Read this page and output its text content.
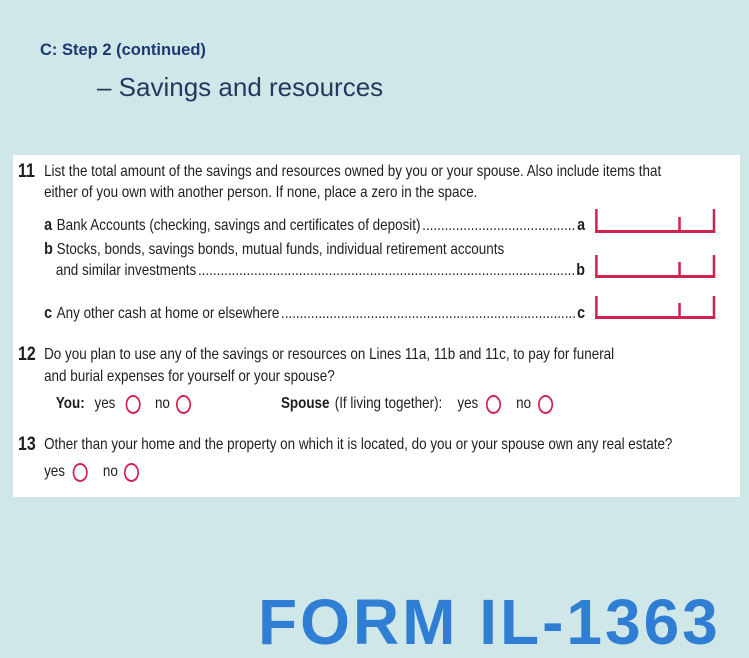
C: Step 2 (continued)
– Savings and resources
11 List the total amount of the savings and resources owned by you or your spouse. Also include items that
either of you own with another person. If none, place a zero in the space.
a Bank Accounts (checking, savings and certificates of deposit) .....	a
b Stocks, bonds, savings bonds, mutual funds, individual retirement accounts
and similar investments .....	b
c Any other cash at home or elsewhere .....	c
12 Do you plan to use any of the savings or resources on Lines 11a, 11b and 11c, to pay for funeral
and burial expenses for yourself or your spouse?
You: yes no	Spouse (If living together): yes no
13 Other than your home and the property on which it is located, do you or your spouse own any real estate?
yes no
FORM IL-1363
